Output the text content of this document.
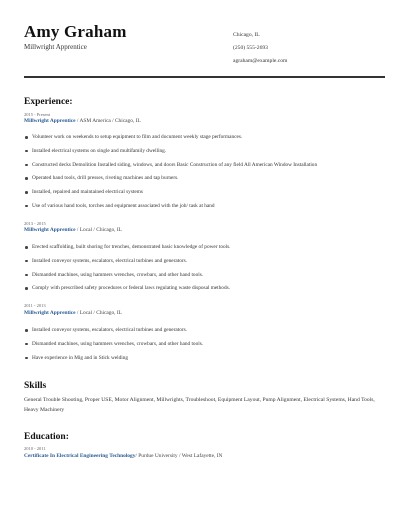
Amy Graham
Millwright Apprentice
Chicago, IL
(250) 555-2693
agraham@example.com
Experience:
2015 - Present
Millwright Apprentice / ASM America / Chicago, IL
Volunteer work on weekends to setup equipment to film and document weekly stage performances.
Installed electrical systems on single and multifamily dwelling.
Constructed decks Demolition Installed siding, windows, and doors Basic Construction of any field All American Window Installation
Operated hand tools, drill presses, riveting machines and tap burners.
Installed, repaired and maintained electrical systems
Use of various hand tools, torches and equipment associated with the job/ task at hand
2013 - 2015
Millwright Apprentice / Local / Chicago, IL
Erected scaffolding, built shoring for trenches, demonstrated basic knowledge of power tools.
Installed conveyor systems, escalators, electrical turbines and generators.
Dismantled machines, using hammers wrenches, crowbars, and other hand tools.
Comply with prescribed safety procedures or federal laws regulating waste disposal methods.
2011 - 2013
Millwright Apprentice / Local / Chicago, IL
Installed conveyor systems, escalators, electrical turbines and generators.
Dismantled machines, using hammers wrenches, crowbars, and other hand tools.
Have experience in Mig and in Stick welding
Skills
General Trouble Shooting, Proper USE, Motor Alignment, Millwrights, Troubleshoot, Equipment Layout, Pump Alignment, Electrical Systems, Hand Tools, Heavy Machinery
Education:
2010 - 2011
Certificate In Electrical Engineering Technology/ Purdue University / West Lafayette, IN
